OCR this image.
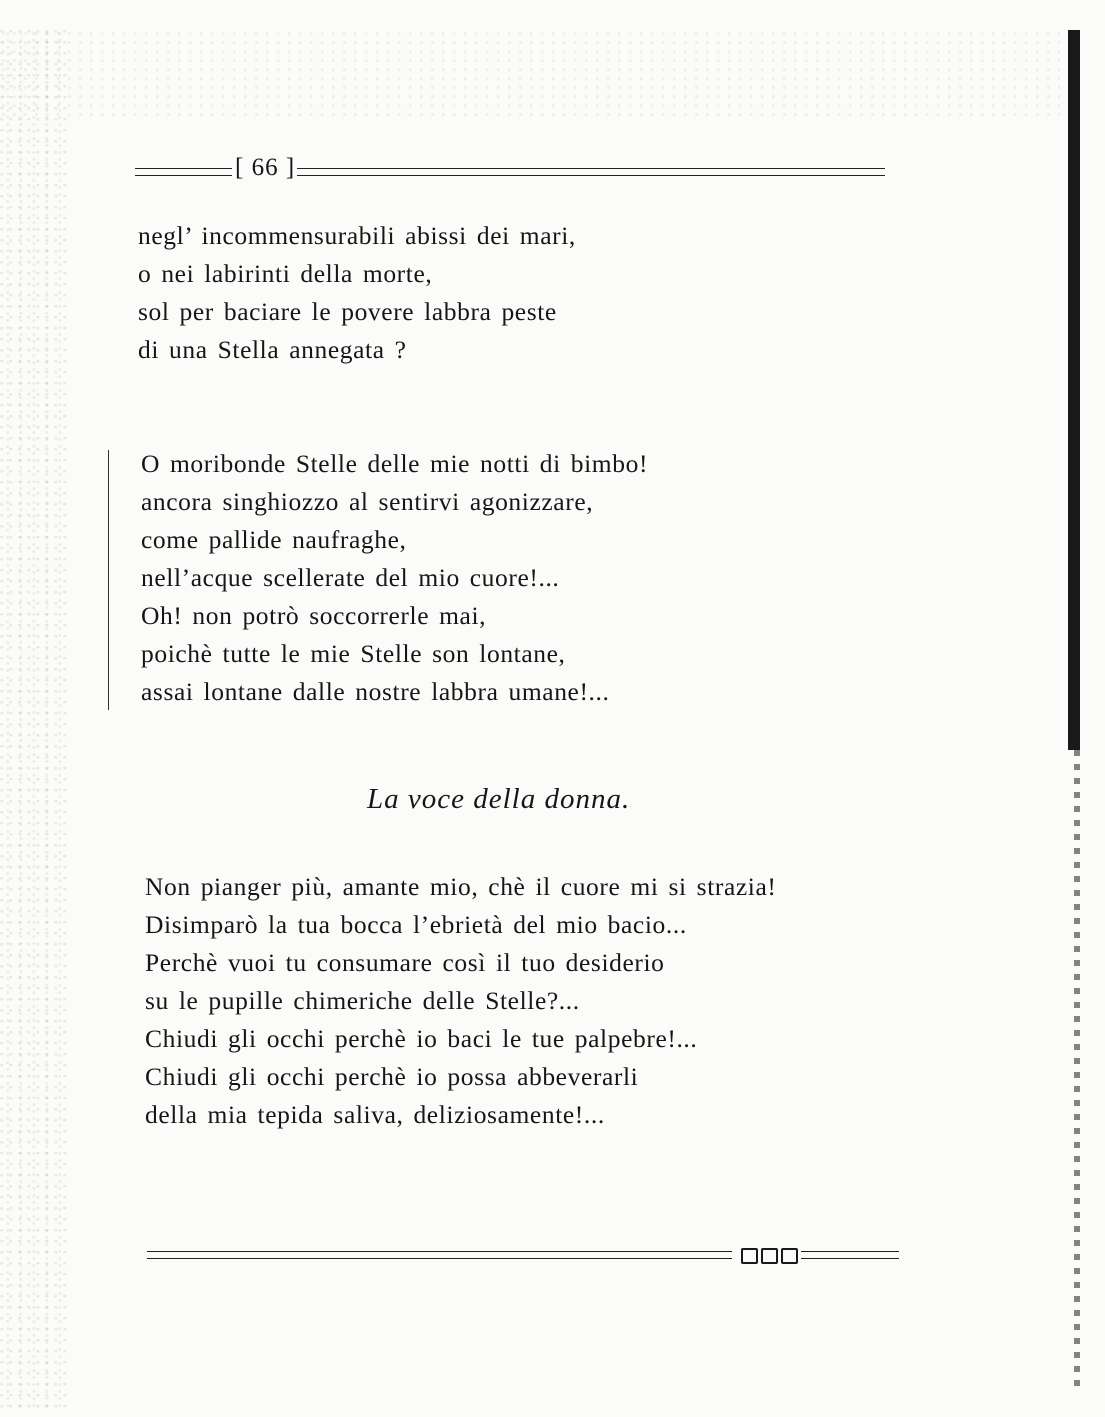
[ 66 ]
negl’ incommensurabili abissi dei mari,
o nei labirinti della morte,
sol per baciare le povere labbra peste
di una Stella annegata ?
O moribonde Stelle delle mie notti di bimbo!
ancora singhiozzo al sentirvi agonizzare,
come pallide naufraghe,
nell’acque scellerate del mio cuore!...
Oh! non potrò soccorrerle mai,
poichè tutte le mie Stelle son lontane,
assai lontane dalle nostre labbra umane!...
La voce della donna.
Non pianger più, amante mio, chè il cuore mi si strazia!
Disimparò la tua bocca l’ebrietà del mio bacio...
Perchè vuoi tu consumare così il tuo desiderio
su le pupille chimeriche delle Stelle?...
Chiudi gli occhi perchè io baci le tue palpebre!...
Chiudi gli occhi perchè io possa abbeverarli
della mia tepida saliva, deliziosamente!...
